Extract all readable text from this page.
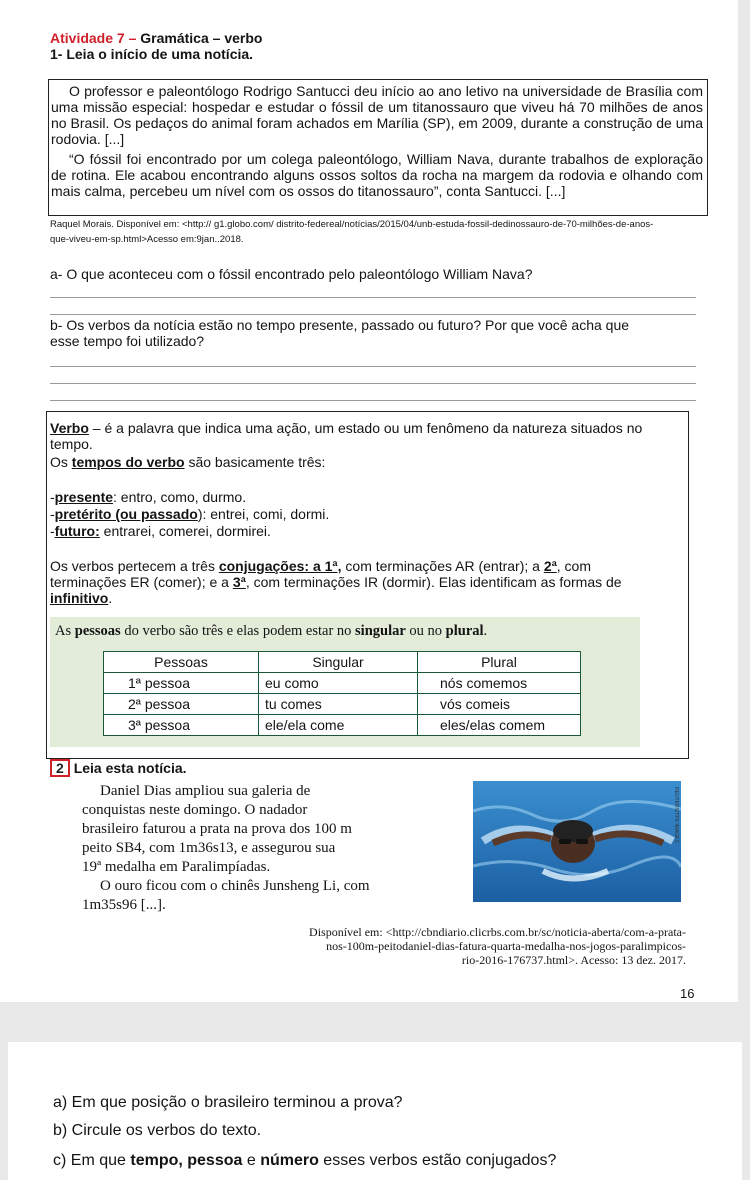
Atividade 7 – Gramática – verbo
1- Leia o início de uma notícia.
O professor e paleontólogo Rodrigo Santucci deu início ao ano letivo na universidade de Brasília com uma missão especial: hospedar e estudar o fóssil de um titanossauro que viveu há 70 milhões de anos no Brasil. Os pedaços do animal foram achados em Marília (SP), em 2009, durante a construção de uma rodovia. [...]
“O fóssil foi encontrado por um colega paleontólogo, William Nava, durante trabalhos de exploração de rotina. Ele acabou encontrando alguns ossos soltos da rocha na margem da rodovia e olhando com mais calma, percebeu um nível com os ossos do titanossauro”, conta Santucci. [...]
Raquel Morais. Disponível em: <http:// g1.globo.com/ distrito-federeal/notícias/2015/04/unb-estuda-fossil-dedinossauro-de-70-milhões-de-anos-
que-viveu-em-sp.html>Acesso em:9jan..2018.
a- O que aconteceu com o fóssil encontrado pelo paleontólogo William Nava?
b- Os verbos da notícia estão no tempo presente, passado ou futuro? Por que você acha que
esse tempo foi utilizado?
Verbo – é a palavra que indica uma ação, um estado ou um fenômeno da natureza situados no
tempo.
Os tempos do verbo são basicamente três:
-presente: entro, como, durmo.
-pretérito (ou passado): entrei, comi, dormi.
-futuro: entrarei, comerei, dormirei.
Os verbos pertecem a três conjugações: a 1ª, com terminações AR (entrar); a 2ª, com
terminações ER (comer); e a 3ª, com terminações IR (dormir). Elas identificam as formas de
infinitivo.
As pessoas do verbo são três e elas podem estar no singular ou no plural.
Pessoas	Singular	Plural
1ª pessoa	eu como	nós comemos
2ª pessoa	tu comes	vós comeis
3ª pessoa	ele/ela come	eles/elas comem
2 Leia esta notícia.
Daniel Dias ampliou sua galeria de
conquistas neste domingo. O nadador
brasileiro faturou a prata na prova dos 100 m
peito SB4, com 1m36s13, e assegurou sua
19ª medalha em Paralimpíadas.
O ouro ficou com o chinês Junsheng Li, com
1m35s96 [...].
REUTERS/TPX IMAGES
Disponível em: <http://cbndiario.clicrbs.com.br/sc/noticia-aberta/com-a-prata-
nos-100m-peitodaniel-dias-fatura-quarta-medalha-nos-jogos-paralimpicos-
rio-2016-176737.html>. Acesso: 13 dez. 2017.
16
a) Em que posição o brasileiro terminou a prova?
b) Circule os verbos do texto.
c) Em que tempo, pessoa e número esses verbos estão conjugados?
